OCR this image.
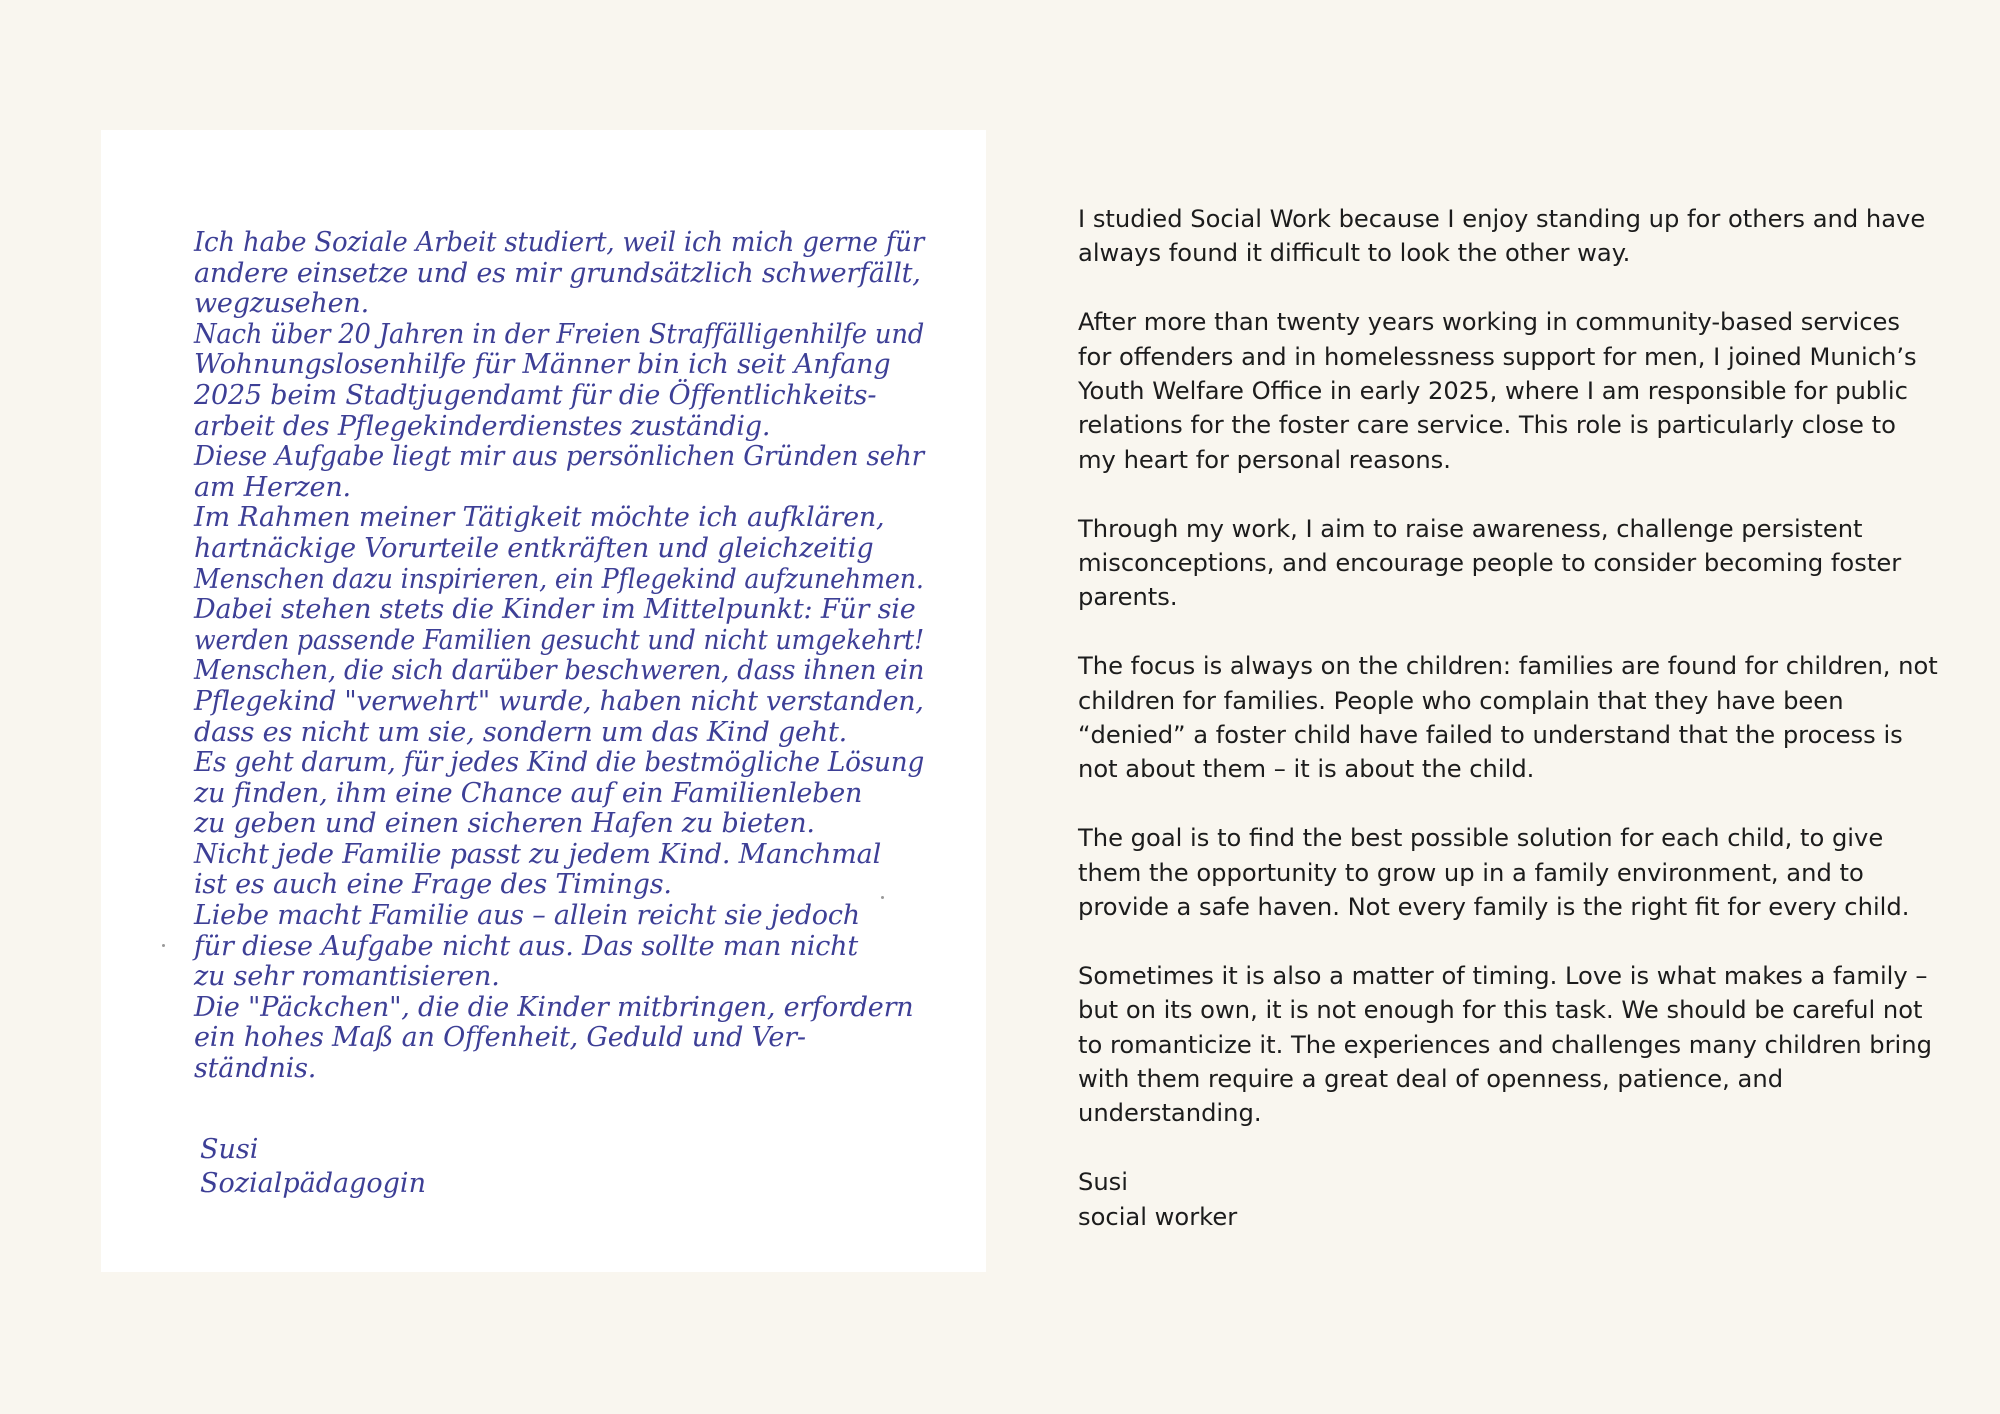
Ich habe Soziale Arbeit studiert, weil ich mich gerne für
andere einsetze und es mir grundsätzlich schwerfällt,
wegzusehen.
Nach über 20 Jahren in der Freien Straffälligenhilfe und
Wohnungslosenhilfe für Männer bin ich seit Anfang
2025 beim Stadtjugendamt für die Öffentlichkeits-
arbeit des Pflegekinderdienstes zuständig.
Diese Aufgabe liegt mir aus persönlichen Gründen sehr
am Herzen.
Im Rahmen meiner Tätigkeit möchte ich aufklären,
hartnäckige Vorurteile entkräften und gleichzeitig
Menschen dazu inspirieren, ein Pflegekind aufzunehmen.
Dabei stehen stets die Kinder im Mittelpunkt: Für sie
werden passende Familien gesucht und nicht umgekehrt!
Menschen, die sich darüber beschweren, dass ihnen ein
Pflegekind "verwehrt" wurde, haben nicht verstanden,
dass es nicht um sie, sondern um das Kind geht.
Es geht darum, für jedes Kind die bestmögliche Lösung
zu finden, ihm eine Chance auf ein Familienleben
zu geben und einen sicheren Hafen zu bieten.
Nicht jede Familie passt zu jedem Kind. Manchmal
ist es auch eine Frage des Timings.
Liebe macht Familie aus – allein reicht sie jedoch
für diese Aufgabe nicht aus. Das sollte man nicht
zu sehr romantisieren.
Die "Päckchen", die die Kinder mitbringen, erfordern
ein hohes Maß an Offenheit, Geduld und Ver-
ständnis.
Susi
Sozialpädagogin

I studied Social Work because I enjoy standing up for others and have always found it difficult to look the other way.

After more than twenty years working in community-based services for offenders and in homelessness support for men, I joined Munich’s Youth Welfare Office in early 2025, where I am responsible for public relations for the foster care service. This role is particularly close to my heart for personal reasons.

Through my work, I aim to raise awareness, challenge persistent misconceptions, and encourage people to consider becoming foster parents.

The focus is always on the children: families are found for children, not children for families. People who complain that they have been “denied” a foster child have failed to understand that the process is not about them – it is about the child.

The goal is to find the best possible solution for each child, to give them the opportunity to grow up in a family environment, and to provide a safe haven. Not every family is the right fit for every child.

Sometimes it is also a matter of timing. Love is what makes a family – but on its own, it is not enough for this task. We should be careful not to romanticize it. The experiences and challenges many children bring with them require a great deal of openness, patience, and understanding.

Susi
social worker
